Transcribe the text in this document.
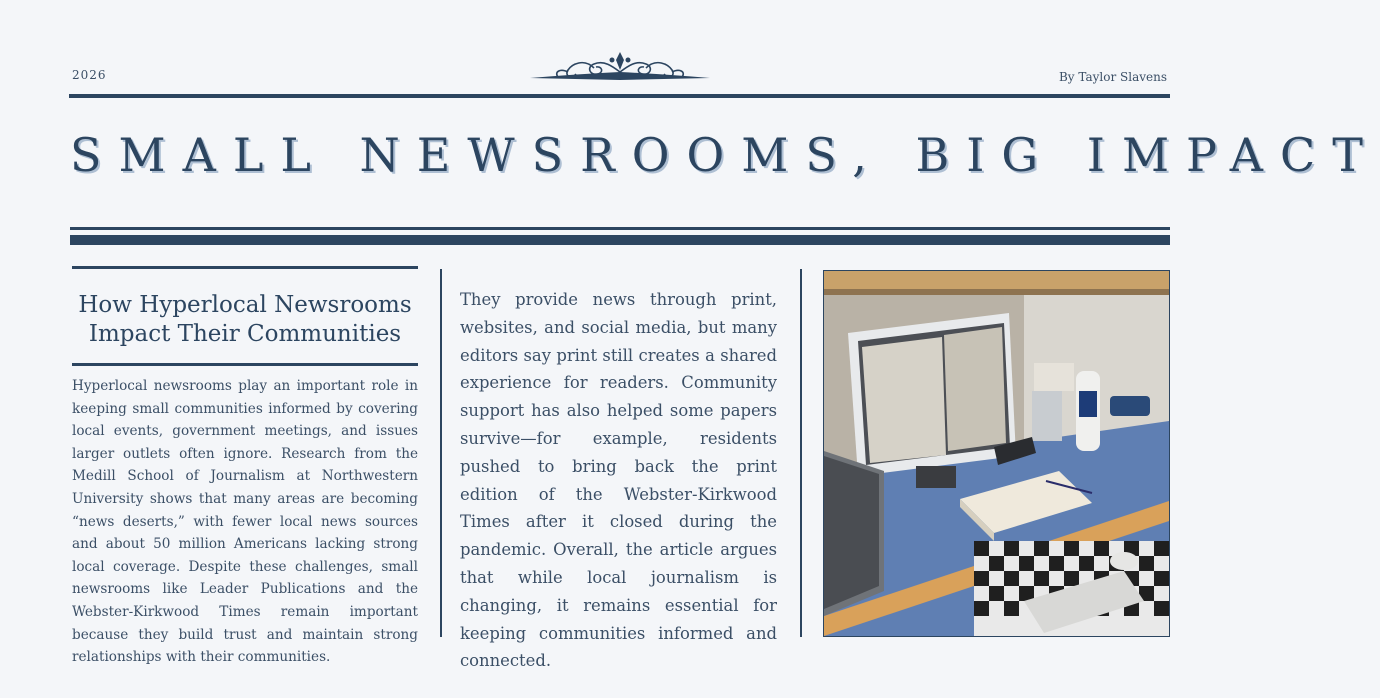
2026	By Taylor Slavens
SMALL NEWSROOMS, BIG IMPACT
How Hyperlocal Newsrooms Impact Their Communities

Hyperlocal newsrooms play an important role in keeping small communities informed by covering local events, government meetings, and issues larger outlets often ignore. Research from the Medill School of Journalism at Northwestern University shows that many areas are becoming “news deserts,” with fewer local news sources and about 50 million Americans lacking strong local coverage. Despite these challenges, small newsrooms like Leader Publications and the Webster-Kirkwood Times remain important because they build trust and maintain strong relationships with their communities.

They provide news through print, websites, and social media, but many editors say print still creates a shared experience for readers. Community support has also helped some papers survive—for example, residents pushed to bring back the print edition of the Webster-Kirkwood Times after it closed during the pandemic. Overall, the article argues that while local journalism is changing, it remains essential for keeping communities informed and connected.
